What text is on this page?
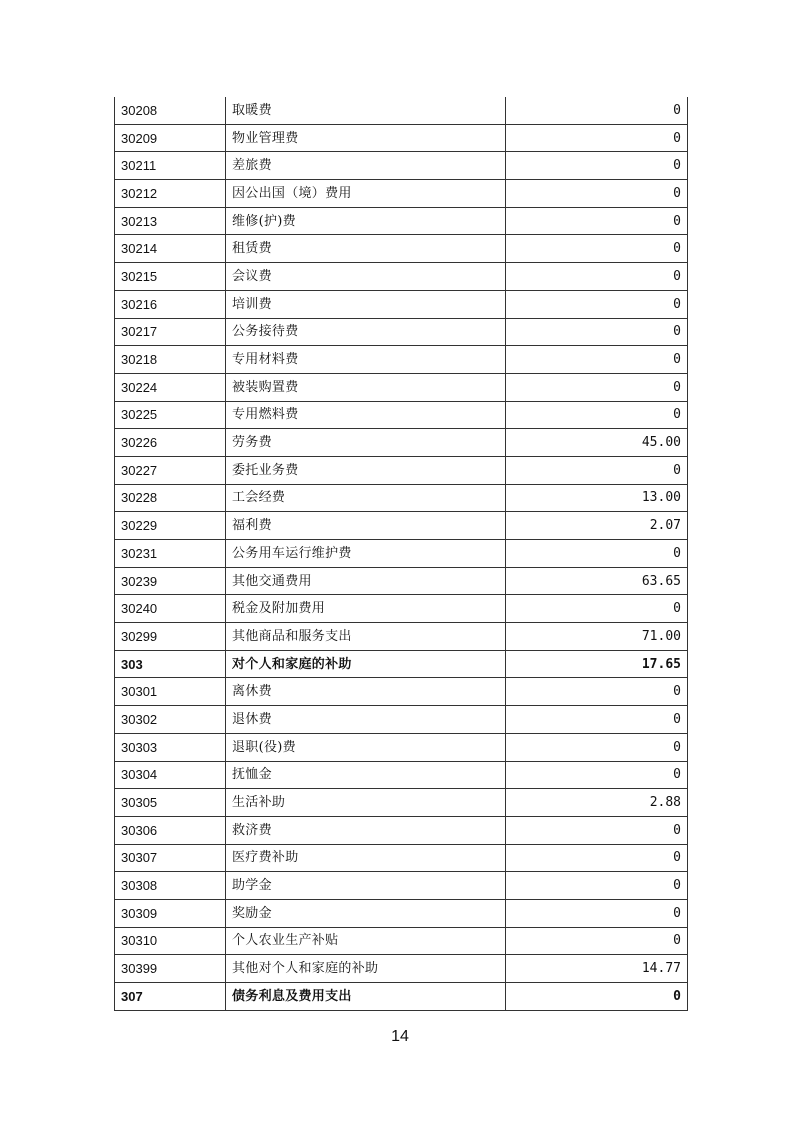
30208	取暖费	0
30209	物业管理费	0
30211	差旅费	0
30212	因公出国（境）费用	0
30213	维修(护)费	0
30214	租赁费	0
30215	会议费	0
30216	培训费	0
30217	公务接待费	0
30218	专用材料费	0
30224	被装购置费	0
30225	专用燃料费	0
30226	劳务费	45.00
30227	委托业务费	0
30228	工会经费	13.00
30229	福利费	2.07
30231	公务用车运行维护费	0
30239	其他交通费用	63.65
30240	税金及附加费用	0
30299	其他商品和服务支出	71.00
303	对个人和家庭的补助	17.65
30301	离休费	0
30302	退休费	0
30303	退职(役)费	0
30304	抚恤金	0
30305	生活补助	2.88
30306	救济费	0
30307	医疗费补助	0
30308	助学金	0
30309	奖励金	0
30310	个人农业生产补贴	0
30399	其他对个人和家庭的补助	14.77
307	债务利息及费用支出	0
14
